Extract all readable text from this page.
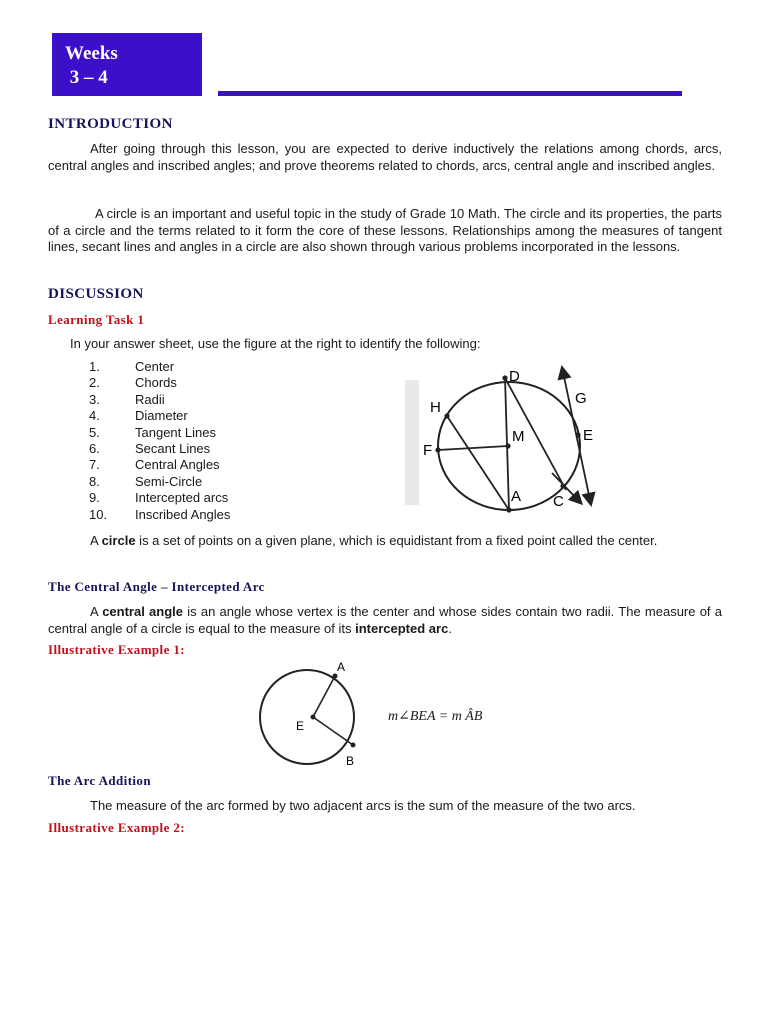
Weeks
3 – 4
INTRODUCTION
After going through this lesson, you are expected to derive inductively the relations among chords, arcs, central angles and inscribed angles; and prove theorems related to chords, arcs, central angle and inscribed angles.
A circle is an important and useful topic in the study of Grade 10 Math. The circle and its properties, the parts of a circle and the terms related to it form the core of these lessons. Relationships among the measures of tangent lines, secant lines and angles in a circle are also shown through various problems incorporated in the lessons.
DISCUSSION
Learning Task 1
In your answer sheet, use the figure at the right to identify the following:
1.	Center
2.	Chords
3.	Radii
4.	Diameter
5.	Tangent Lines
6.	Secant Lines
7.	Central Angles
8.	Semi-Circle
9.	Intercepted arcs
10.	Inscribed Angles
D
G
H
M	E
F
A C
A circle is a set of points on a given plane, which is equidistant from a fixed point called the center.
The Central Angle – Intercepted Arc
A central angle is an angle whose vertex is the center and whose sides contain two radii. The measure of a central angle of a circle is equal to the measure of its intercepted arc.
Illustrative Example 1:
A
E
B
m∠BEA = m ÂB
The Arc Addition
The measure of the arc formed by two adjacent arcs is the sum of the measure of the two arcs.
Illustrative Example 2:
